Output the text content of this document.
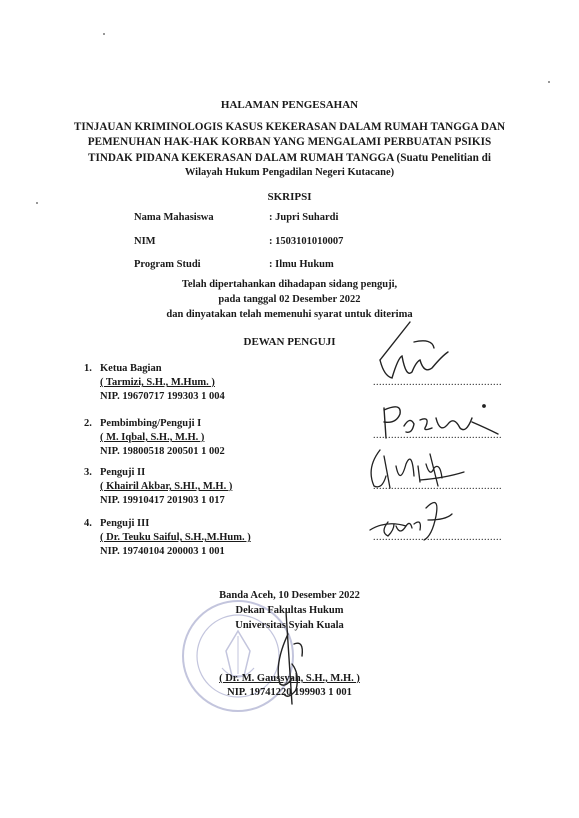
HALAMAN PENGESAHAN
TINJAUAN KRIMINOLOGIS KASUS KEKERASAN DALAM RUMAH TANGGA DAN
PEMENUHAN HAK-HAK KORBAN YANG MENGALAMI PERBUATAN PSIKIS
TINDAK PIDANA KEKERASAN DALAM RUMAH TANGGA (Suatu Penelitian di
Wilayah Hukum Pengadilan Negeri Kutacane)
SKRIPSI
Nama Mahasiswa	: Jupri Suhardi
NIM	: 1503101010007
Program Studi	: Ilmu Hukum
Telah dipertahankan dihadapan sidang penguji,
pada tanggal 02 Desember 2022
dan dinyatakan telah memenuhi syarat untuk diterima
DEWAN PENGUJI
1. Ketua Bagian
( Tarmizi, S.H., M.Hum. )
NIP. 19670717 199303 1 004
...........................................
2. Pembimbing/Penguji I
( M. Iqbal, S.H., M.H. )
NIP. 19800518 200501 1 002
...........................................
3. Penguji II
( Khairil Akbar, S.HI., M.H. )
NIP. 19910417 201903 1 017
...........................................
4. Penguji III
( Dr. Teuku Saiful, S.H.,M.Hum. )
NIP. 19740104 200003 1 001
...........................................
Banda Aceh, 10 Desember 2022
Dekan Fakultas Hukum
Universitas Syiah Kuala
( Dr. M. Gaussyah, S.H., M.H. )
NIP. 19741220 199903 1 001
